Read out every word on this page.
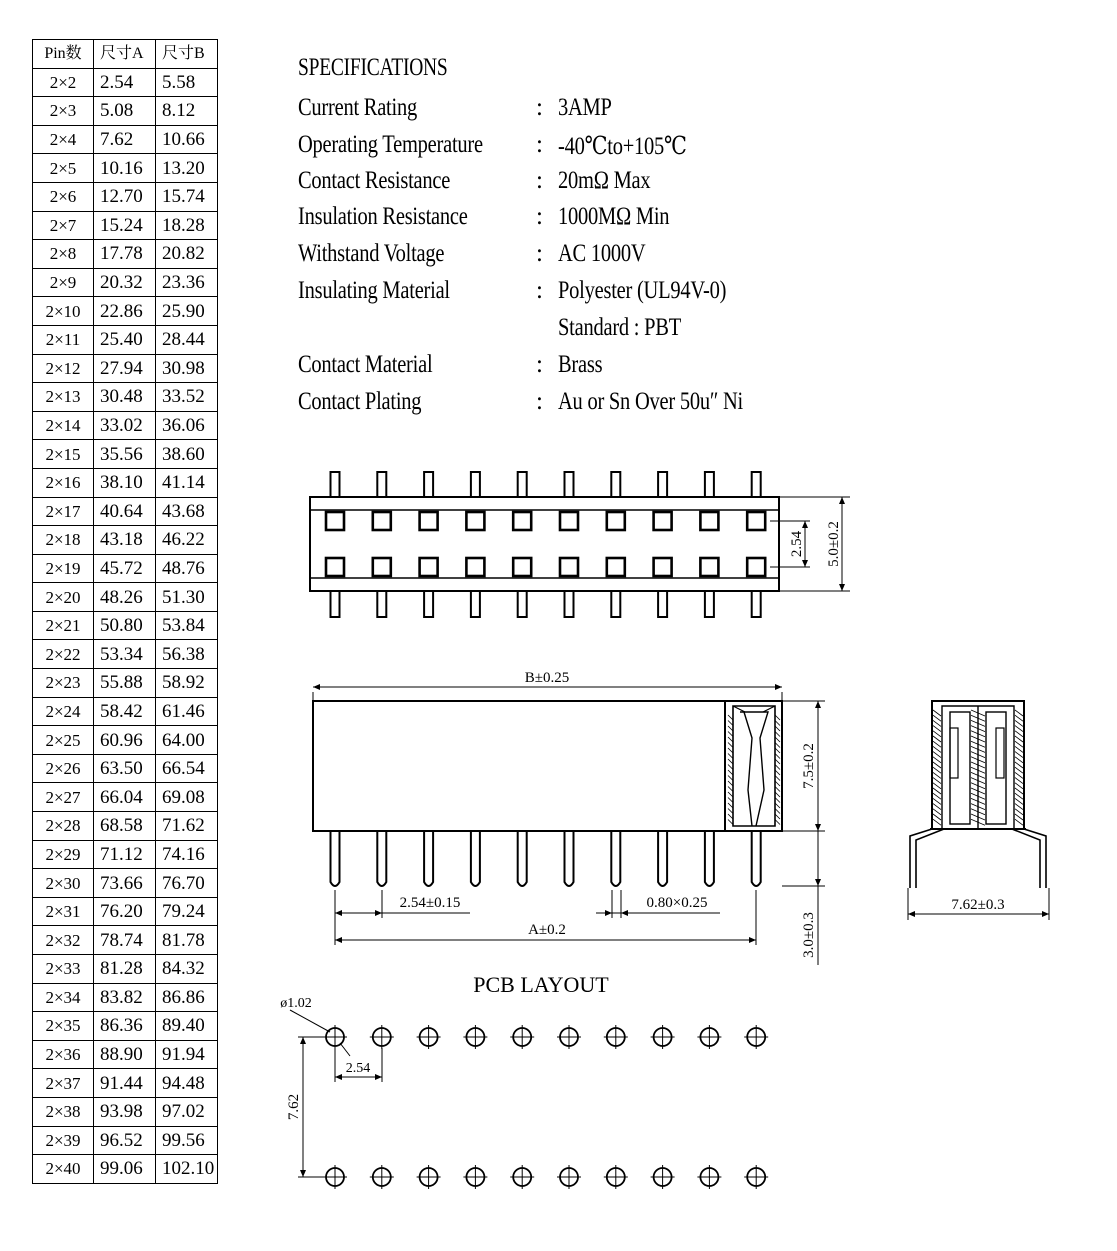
Pin数	尺寸A	尺寸B
2×2	2.54	5.58
2×3	5.08	8.12
2×4	7.62	10.66
2×5	10.16	13.20
2×6	12.70	15.74
2×7	15.24	18.28
2×8	17.78	20.82
2×9	20.32	23.36
2×10	22.86	25.90
2×11	25.40	28.44
2×12	27.94	30.98
2×13	30.48	33.52
2×14	33.02	36.06
2×15	35.56	38.60
2×16	38.10	41.14
2×17	40.64	43.68
2×18	43.18	46.22
2×19	45.72	48.76
2×20	48.26	51.30
2×21	50.80	53.84
2×22	53.34	56.38
2×23	55.88	58.92
2×24	58.42	61.46
2×25	60.96	64.00
2×26	63.50	66.54
2×27	66.04	69.08
2×28	68.58	71.62
2×29	71.12	74.16
2×30	73.66	76.70
2×31	76.20	79.24
2×32	78.74	81.78
2×33	81.28	84.32
2×34	83.82	86.86
2×35	86.36	89.40
2×36	88.90	91.94
2×37	91.44	94.48
2×38	93.98	97.02
2×39	96.52	99.56
2×40	99.06	102.10
SPECIFICATIONS
Current Rating	: 3AMP
Operating Temperature : -40℃to+105℃
Contact Resistance	: 20mΩ Max
Insulation Resistance	: 1000MΩ Min
Withstand Voltage	: AC 1000V
Insulating Material	: Polyester (UL94V-0)
Standard : PBT
Contact Material	: Brass
Contact Plating	: Au or Sn Over 50u″ Ni
2.54 5.0±0.2
B±0.25
7.5±0.2
2.54±0.15	0.80×0.25
A±0.2	3.0±0.3
7.62±0.3
PCB LAYOUT
ø1.02
2.54
7.62
